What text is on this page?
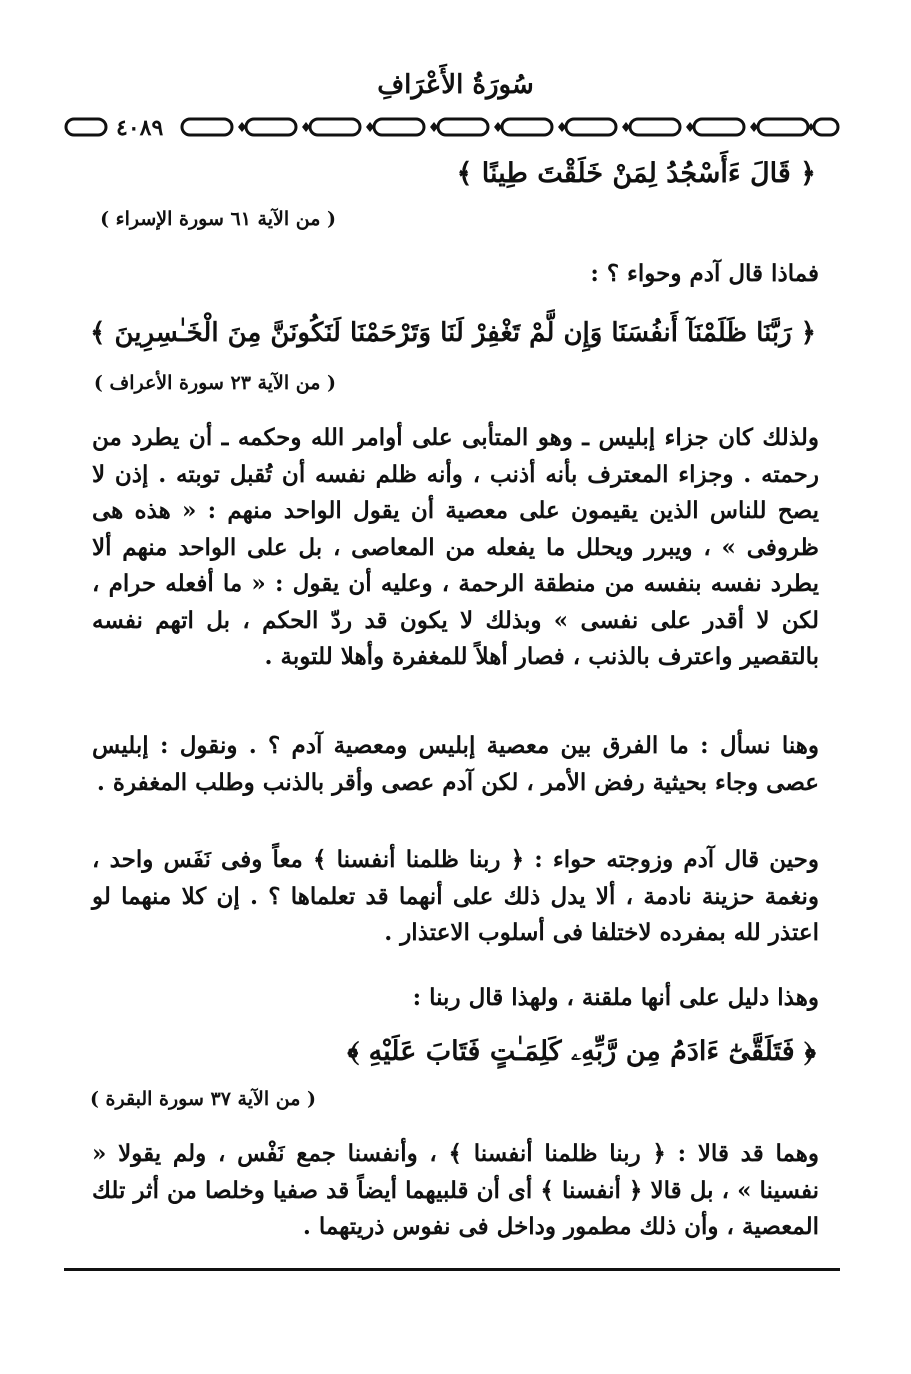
سُورَةُ الأَعْرَافِ
٤٠٨٩
﴿ قَالَ ءَأَسْجُدُ لِمَنْ خَلَقْتَ طِينًا ﴾
( من الآية ٦١ سورة الإسراء )
فماذا قال آدم وحواء ؟ :
﴿ رَبَّنَا ظَلَمْنَآ أَنفُسَنَا وَإِن لَّمْ تَغْفِرْ لَنَا وَتَرْحَمْنَا لَنَكُونَنَّ مِنَ الْخَـٰسِرِينَ ﴾
( من الآية ٢٣ سورة الأعراف )
ولذلك كان جزاء إبليس ـ وهو المتأبى على أوامر الله وحكمه ـ أن يطرد من رحمته . وجزاء المعترف بأنه أذنب ، وأنه ظلم نفسه أن تُقبل توبته . إذن لا يصح للناس الذين يقيمون على معصية أن يقول الواحد منهم : « هذه هى ظروفى » ، ويبرر ويحلل ما يفعله من المعاصى ، بل على الواحد منهم ألا يطرد نفسه بنفسه من منطقة الرحمة ، وعليه أن يقول : « ما أفعله حرام ، لكن لا أقدر على نفسى » وبذلك لا يكون قد ردّ الحكم ، بل اتهم نفسه بالتقصير واعترف بالذنب ، فصار أهلاً للمغفرة وأهلا للتوبة .
وهنا نسأل : ما الفرق بين معصية إبليس ومعصية آدم ؟ . ونقول : إبليس عصى وجاء بحيثية رفض الأمر ، لكن آدم عصى وأقر بالذنب وطلب المغفرة .
وحين قال آدم وزوجته حواء : ﴿ ربنا ظلمنا أنفسنا ﴾ معاً وفى نَفَس واحد ، ونغمة حزينة نادمة ، ألا يدل ذلك على أنهما قد تعلماها ؟ . إن كلا منهما لو اعتذر لله بمفرده لاختلفا فى أسلوب الاعتذار .
وهذا دليل على أنها ملقنة ، ولهذا قال ربنا :
﴿ فَتَلَقَّىٰٓ ءَادَمُ مِن رَّبِّهِۦ كَلِمَـٰتٍ فَتَابَ عَلَيْهِ ﴾
( من الآية ٣٧ سورة البقرة )
وهما قد قالا : ﴿ ربنا ظلمنا أنفسنا ﴾ ، وأنفسنا جمع نَفْس ، ولم يقولا « نفسينا » ، بل قالا ﴿ أنفسنا ﴾ أى أن قلبيهما أيضاً قد صفيا وخلصا من أثر تلك المعصية ، وأن ذلك مطمور وداخل فى نفوس ذريتهما .
